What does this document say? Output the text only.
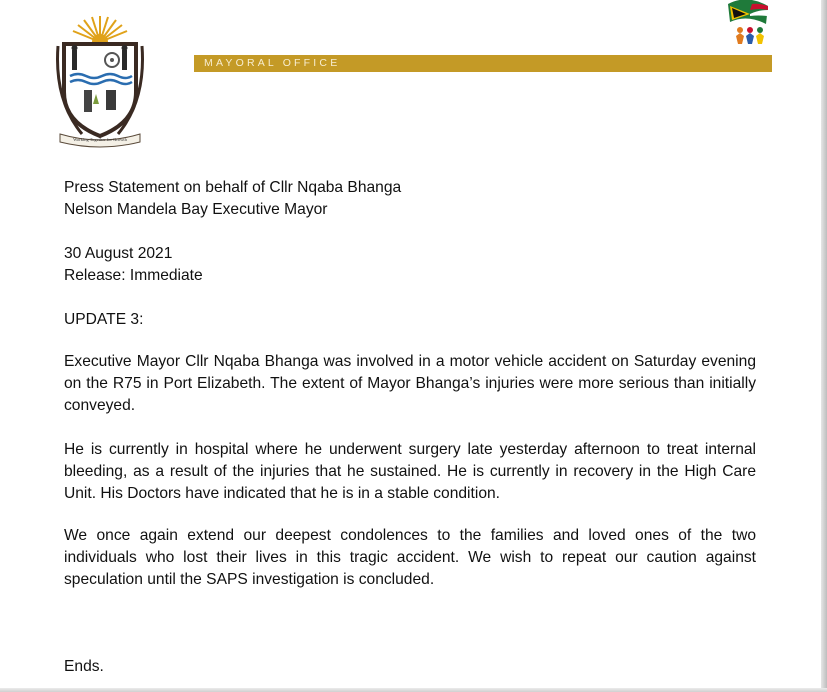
Working Together for Growth
MAYORAL OFFICE
Press Statement on behalf of Cllr Nqaba Bhanga
Nelson Mandela Bay Executive Mayor
30 August 2021
Release: Immediate
UPDATE 3:
Executive Mayor Cllr Nqaba Bhanga was involved in a motor vehicle accident on Saturday evening on the R75 in Port Elizabeth. The extent of Mayor Bhanga’s injuries were more serious than initially conveyed.
He is currently in hospital where he underwent surgery late yesterday afternoon to treat internal bleeding, as a result of the injuries that he sustained. He is currently in recovery in the High Care Unit. His Doctors have indicated that he is in a stable condition.
We once again extend our deepest condolences to the families and loved ones of the two individuals who lost their lives in this tragic accident. We wish to repeat our caution against speculation until the SAPS investigation is concluded.
Ends.
